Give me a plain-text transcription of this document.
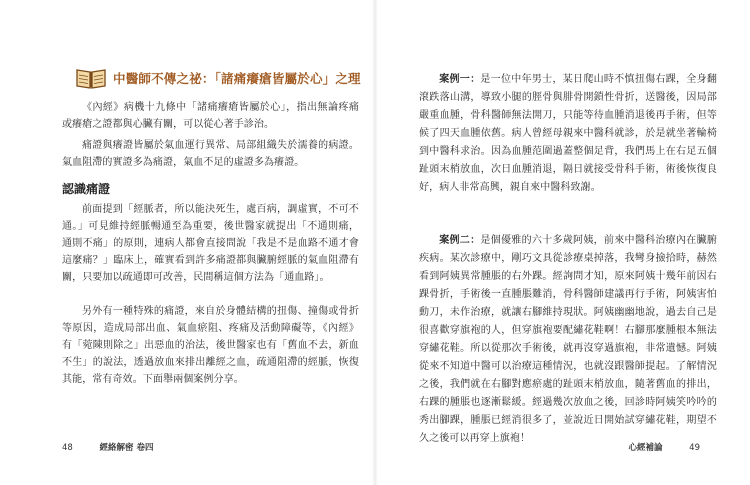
中醫師不傳之祕：「諸痛癢瘡皆屬於心」之理

《內經》病機十九條中「諸痛癢瘡皆屬於心」，指出無論疼痛或癢瘡之證都與心臟有關，可以從心著手診治。

痛證與癢證皆屬於氣血運行異常、局部組織失於濡養的病證。氣血阻滯的實證多為痛證，氣血不足的虛證多為癢證。

認識痛證

前面提到「經脈者，所以能決死生，處百病，調虛實，不可不通。」可見維持經脈暢通至為重要，後世醫家就提出「不通則痛，通則不痛」的原則，連病人都會直接問說「我是不是血路不通才會這麼痛？」臨床上，確實看到許多痛證都與臟腑經脈的氣血阻滯有關，只要加以疏通即可改善，民間稱這個方法為「通血路」。

另外有一種特殊的痛證，來自於身體結構的扭傷、撞傷或骨折等原因，造成局部出血、氣血瘀阻、疼痛及活動障礙等，《內經》有「菀陳則除之」出惡血的治法，後世醫家也有「舊血不去，新血不生」的說法，透過放血來排出離經之血，疏通阻滯的經脈，恢復其能，常有奇效。下面舉兩個案例分享。

48	經絡解密 卷四

案例一：是一位中年男士，某日爬山時不慎扭傷右踝，全身翻滾跌落山溝，導致小腿的脛骨與腓骨開鎖性骨折，送醫後，因局部嚴重血腫，骨科醫師無法開刀，只能等待血腫消退後再手術，但等候了四天血腫依舊。病人曾經母親來中醫科就診，於是就坐著輪椅到中醫科求治。因為血腫范圍過蓋整個足背，我們馬上在右足五個趾頭末梢放血，次日血腫消退，隔日就接受骨科手術，術後恢復良好，病人非常高興，親自來中醫科致謝。

案例二：是個優雅的六十多歲阿姨，前來中醫科治療內在臟腑疾病。某次診療中，剛巧文具從診療桌掉落，我彎身撿拾時，赫然看到阿姨異常腫脹的右外踝。經詢問才知，原來阿姨十幾年前因右踝骨折，手術後一直腫脹難消，骨科醫師建議再行手術，阿姨害怕動刀，未作治療，就讓右腳維持現狀。阿姨幽幽地說，過去自己是很喜歡穿旗袍的人，但穿旗袍要配繡花鞋啊！右腳那麼腫根本無法穿繡花鞋。所以從那次手術後，就再沒穿過旗袍，非常遺憾。阿姨從來不知道中醫可以治療這種情況，也就沒跟醫師提起。了解情況之後，我們就在右腳對應瘀處的趾頭末梢放血，隨著舊血的排出，右踝的腫脹也逐漸鬆緩。經過幾次放血之後，回診時阿姨笑吟吟的秀出腳踝，腫脹已經消很多了，並說近日開始試穿繡花鞋，期望不久之後可以再穿上旗袍！

心經補論	49
